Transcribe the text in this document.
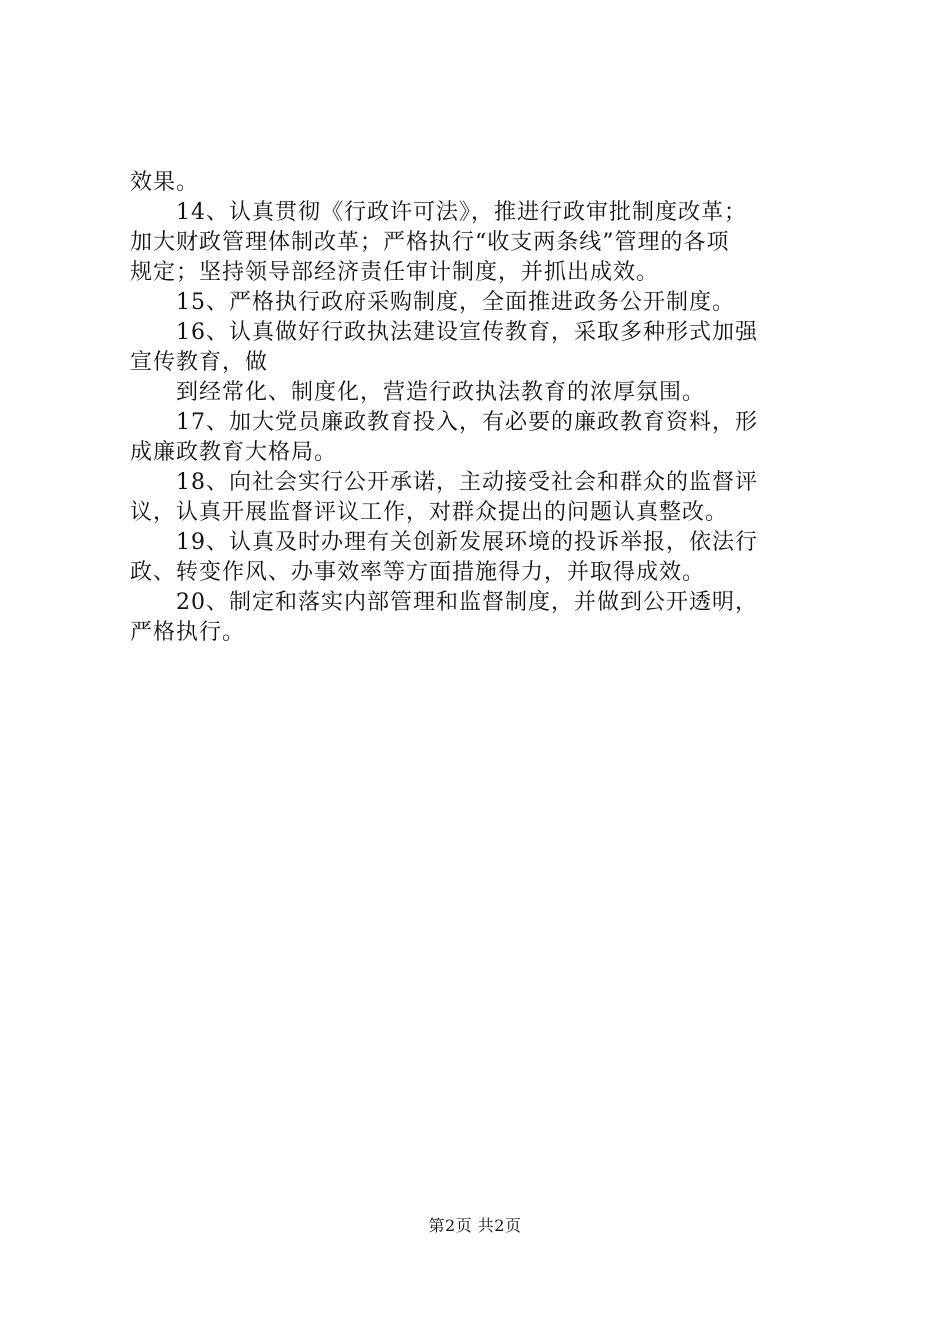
效果。
14、认真贯彻《行政许可法》，推进行政审批制度改革；
加大财政管理体制改革；严格执行“收支两条线”管理的各项
规定；坚持领导部经济责任审计制度，并抓出成效。
15、严格执行政府采购制度，全面推进政务公开制度。
16、认真做好行政执法建设宣传教育，采取多种形式加强
宣传教育，做
到经常化、制度化，营造行政执法教育的浓厚氛围。
17、加大党员廉政教育投入，有必要的廉政教育资料，形
成廉政教育大格局。
18、向社会实行公开承诺，主动接受社会和群众的监督评
议，认真开展监督评议工作，对群众提出的问题认真整改。
19、认真及时办理有关创新发展环境的投诉举报，依法行
政、转变作风、办事效率等方面措施得力，并取得成效。
20、制定和落实内部管理和监督制度，并做到公开透明，
严格执行。
第2页 共2页
